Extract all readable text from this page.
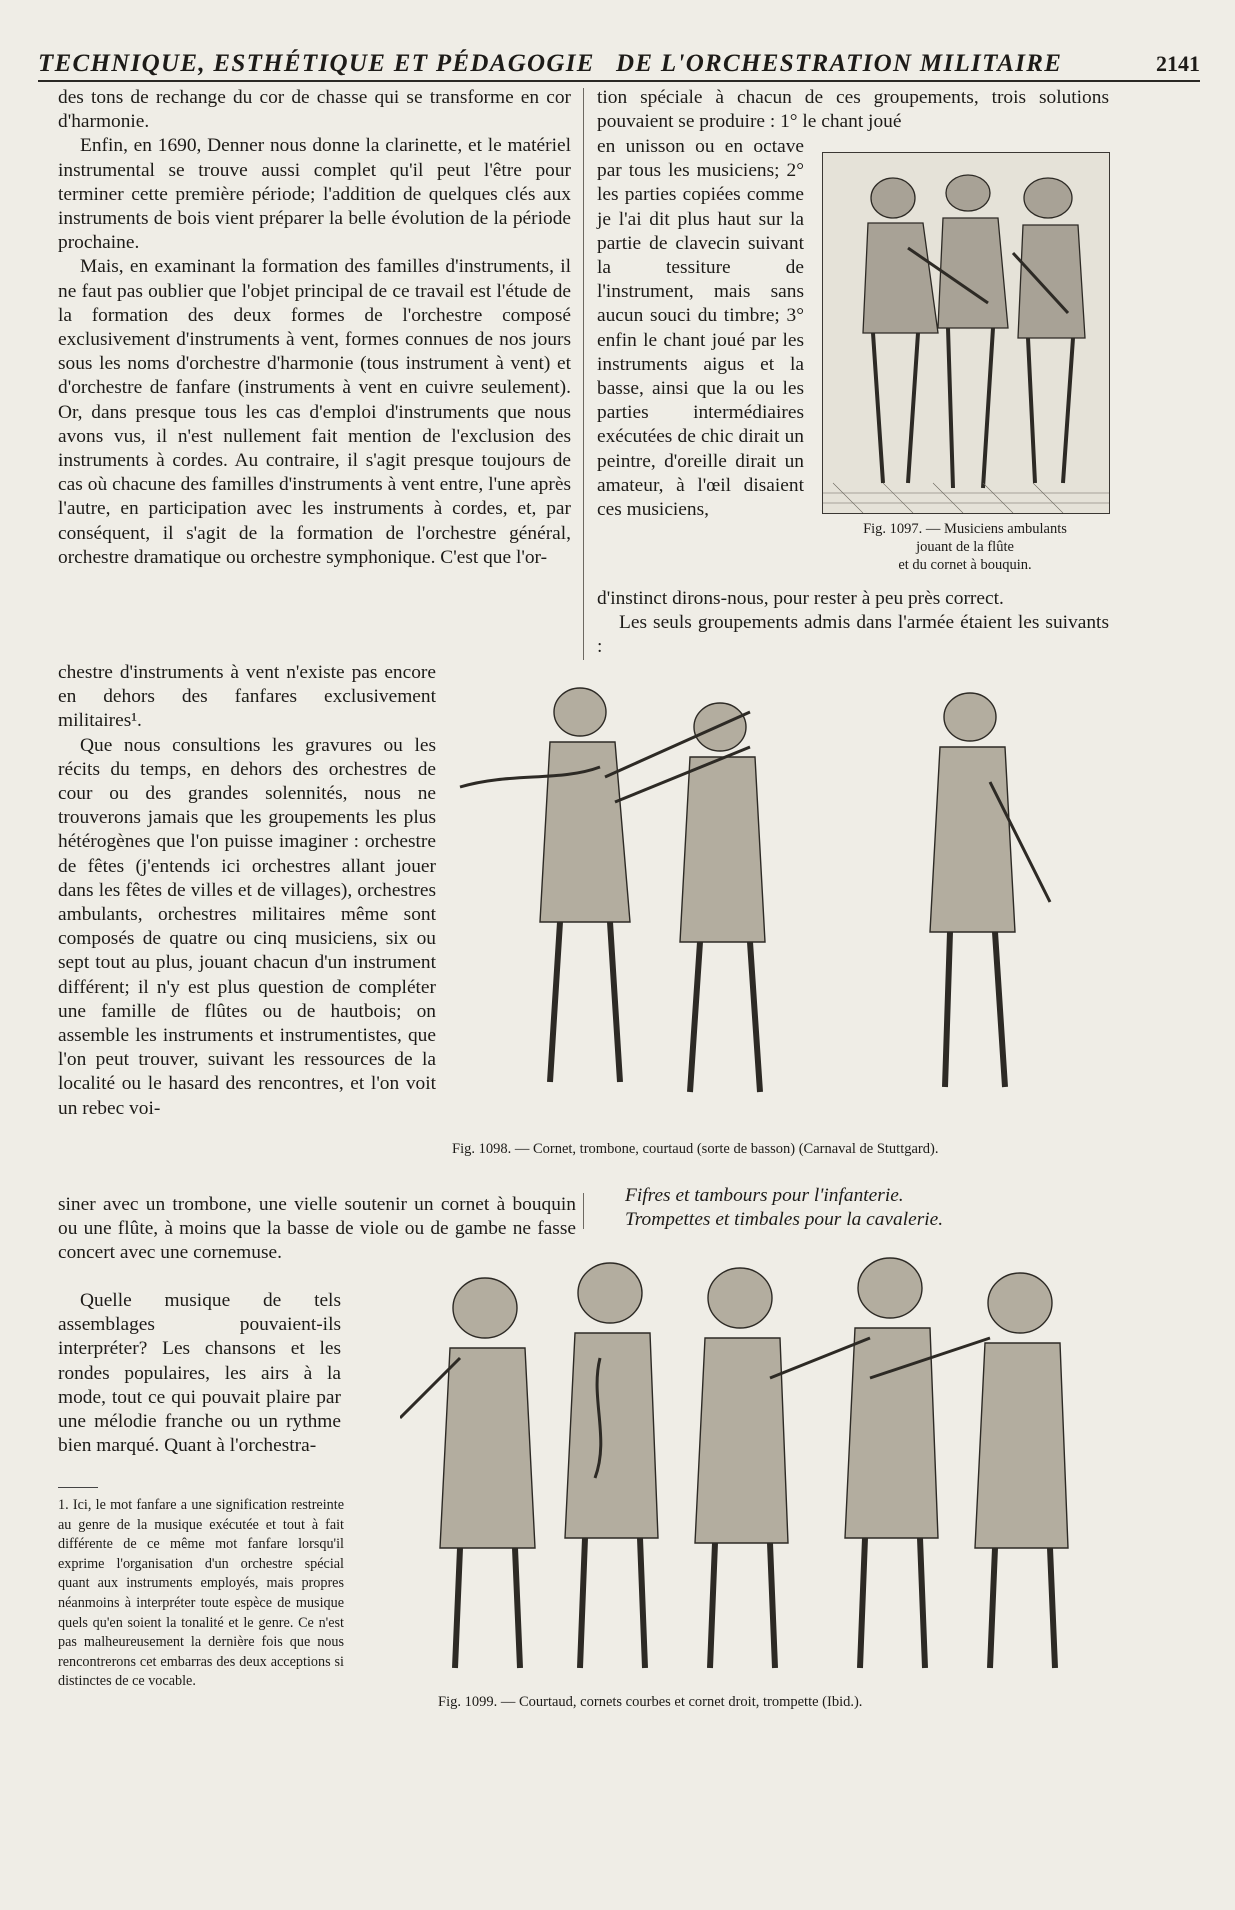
TECHNIQUE, ESTHÉTIQUE ET PÉDAGOGIE DE L'ORCHESTRATION MILITAIRE	2141

des tons de rechange du cor de chasse qui se transforme en cor d'harmonie.

Enfin, en 1690, Denner nous donne la clarinette, et le matériel instrumental se trouve aussi complet qu'il peut l'être pour terminer cette première période; l'addition de quelques clés aux instruments de bois vient préparer la belle évolution de la période prochaine.

Mais, en examinant la formation des familles d'instruments, il ne faut pas oublier que l'objet principal de ce travail est l'étude de la formation des deux formes de l'orchestre composé exclusivement d'instruments à vent, formes connues de nos jours sous les noms d'orchestre d'harmonie (tous instrument à vent) et d'orchestre de fanfare (instruments à vent en cuivre seulement). Or, dans presque tous les cas d'emploi d'instruments que nous avons vus, il n'est nullement fait mention de l'exclusion des instruments à cordes. Au contraire, il s'agit presque toujours de cas où chacune des familles d'instruments à vent entre, l'une après l'autre, en participation avec les instruments à cordes, et, par conséquent, il s'agit de la formation de l'orchestre général, orchestre dramatique ou orchestre symphonique. C'est que l'or-

chestre d'instruments à vent n'existe pas encore en dehors des fanfares exclusivement militaires¹.

Que nous consultions les gravures ou les récits du temps, en dehors des orchestres de cour ou des grandes solennités, nous ne trouverons jamais que les groupements les plus hétérogènes que l'on puisse imaginer : orchestre de fêtes (j'entends ici orchestres allant jouer dans les fêtes de villes et de villages), orchestres ambulants, orchestres militaires même sont composés de quatre ou cinq musiciens, six ou sept tout au plus, jouant chacun d'un instrument différent; il n'y est plus question de compléter une famille de flûtes ou de hautbois; on assemble les instruments et instrumentistes, que l'on peut trouver, suivant les ressources de la localité ou le hasard des rencontres, et l'on voit un rebec voi-

siner avec un trombone, une vielle soutenir un cornet à bouquin ou une flûte, à moins que la basse de viole ou de gambe ne fasse concert avec une cornemuse.

Quelle musique de tels assemblages pouvaient-ils interpréter? Les chansons et les rondes populaires, les airs à la mode, tout ce qui pouvait plaire par une mélodie franche ou un rythme bien marqué. Quant à l'orchestra-

tion spéciale à chacun de ces groupements, trois solutions pouvaient se produire : 1° le chant joué

en unisson ou en octave par tous les musiciens; 2° les parties copiées comme je l'ai dit plus haut sur la partie de clavecin suivant la tessiture de l'instrument, mais sans aucun souci du timbre; 3° enfin le chant joué par les instruments aigus et la basse, ainsi que la ou les parties intermédiaires exécutées de chic dirait un peintre, d'oreille dirait un amateur, à l'œil disaient ces musiciens,

d'instinct dirons-nous, pour rester à peu près correct.

Les seuls groupements admis dans l'armée étaient les suivants :

Fifres et tambours pour l'infanterie.

Trompettes et timbales pour la cavalerie.

Fig. 1097. — Musiciens ambulants
jouant de la flûte
et du cornet à bouquin.
Fig. 1098. — Cornet, trombone, courtaud (sorte de basson) (Carnaval de Stuttgard).
Fig. 1099. — Courtaud, cornets courbes et cornet droit, trompette (Ibid.).

1. Ici, le mot fanfare a une signification restreinte au genre de la musique exécutée et tout à fait différente de ce même mot fanfare lorsqu'il exprime l'organisation d'un orchestre spécial quant aux instruments employés, mais propres néanmoins à interpréter toute espèce de musique quels qu'en soient la tonalité et le genre. Ce n'est pas malheureusement la dernière fois que nous rencontrerons cet embarras des deux acceptions si distinctes de ce vocable.
